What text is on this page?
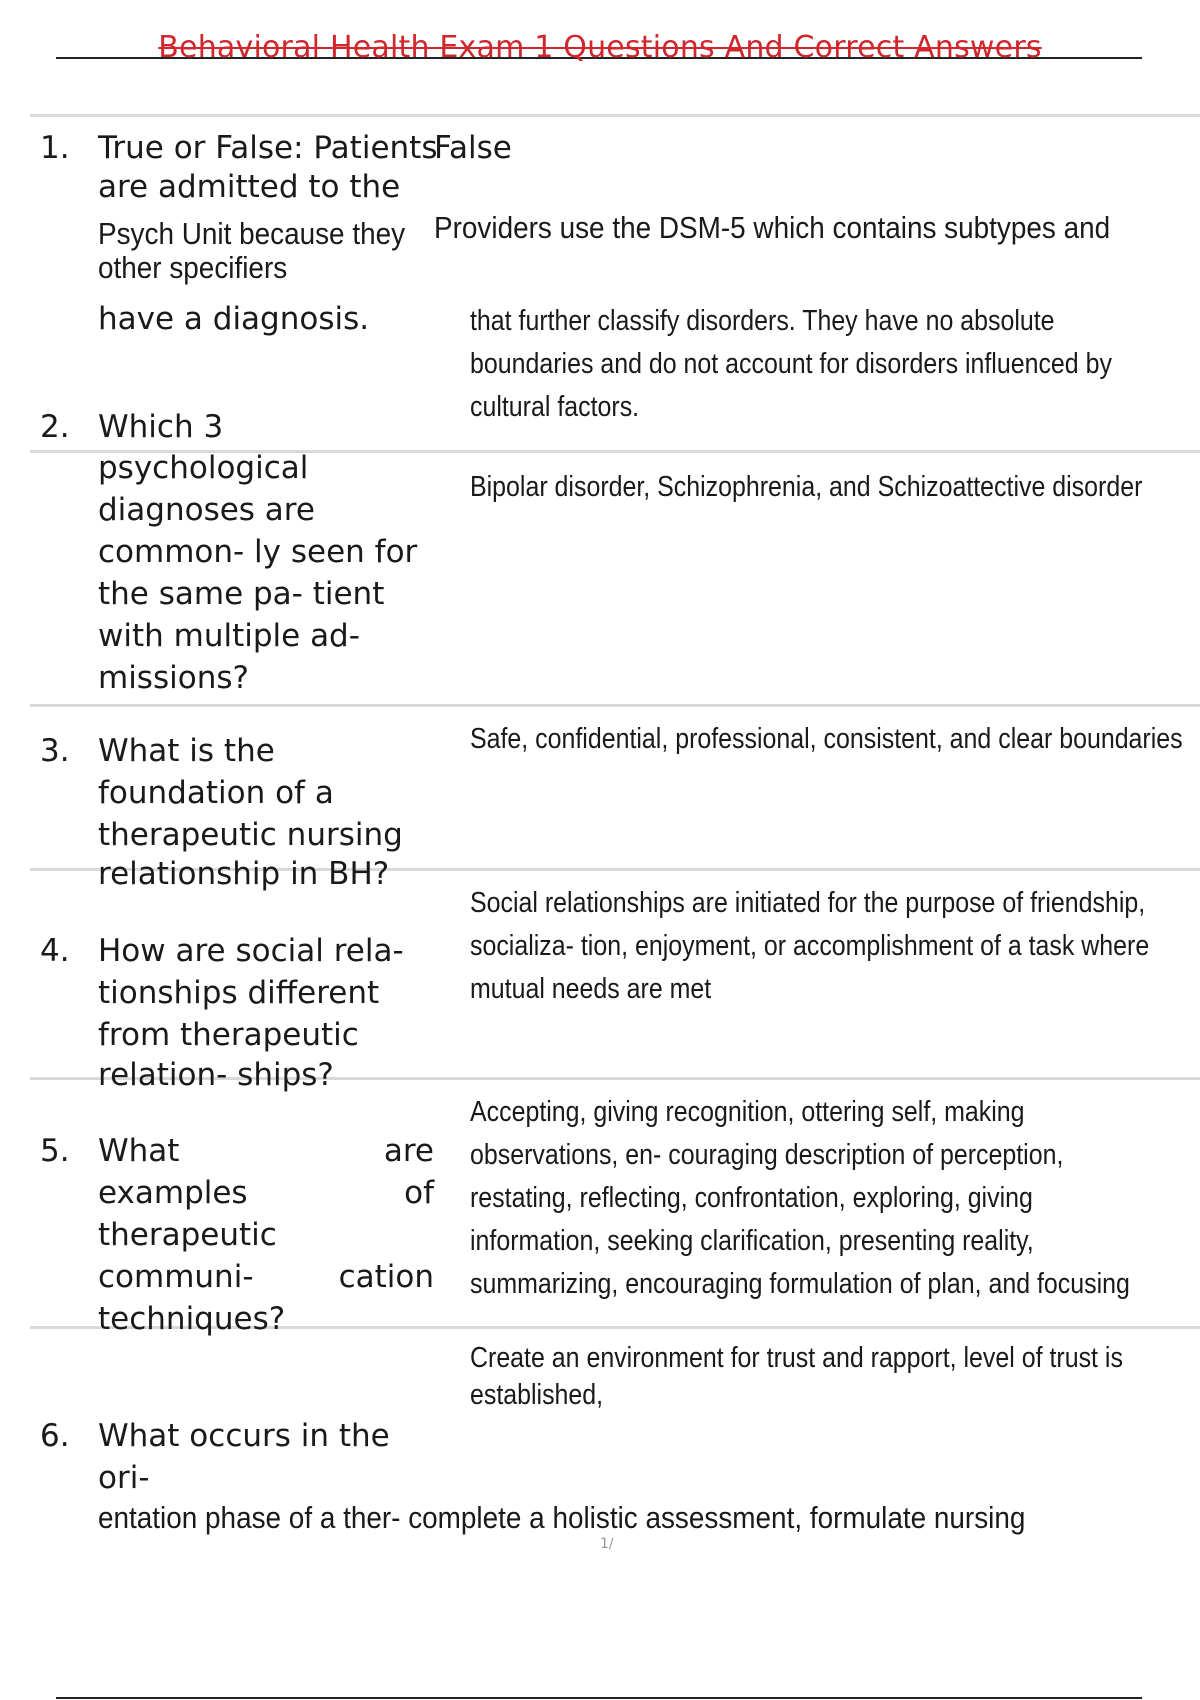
Behavioral Health Exam 1 Questions And Correct Answers
1. True or False: Patients
False
are admitted to the
Psych Unit because they Providers use the DSM-5 which contains subtypes and
other specifiers
have a diagnosis.	that further classify disorders. They have no absolute boundaries and do not account for disorders influenced by cultural factors.
2. Which 3
psychological
diagnoses are
common- ly seen for
the same pa- tient
with multiple ad-
missions?
Bipolar disorder, Schizophrenia, and Schizoattective disorder
3. What is the
foundation of a
therapeutic nursing
relationship in BH?
Safe, confidential, professional, consistent, and clear boundaries
4. How are social rela-
tionships different
from therapeutic
relation- ships?
Social relationships are initiated for the purpose of friendship, socializa- tion, enjoyment, or accomplishment of a task where mutual needs are met
5. What are
examples of
therapeutic
communi- cation
techniques?
Accepting, giving recognition, ottering self, making observations, en- couraging description of perception, restating, reflecting, confrontation, exploring, giving information, seeking clarification, presenting reality, summarizing, encouraging formulation of plan, and focusing
6. What occurs in the
ori-
Create an environment for trust and rapport, level of trust is established,
entation phase of a ther- complete a holistic assessment, formulate nursing
1/
